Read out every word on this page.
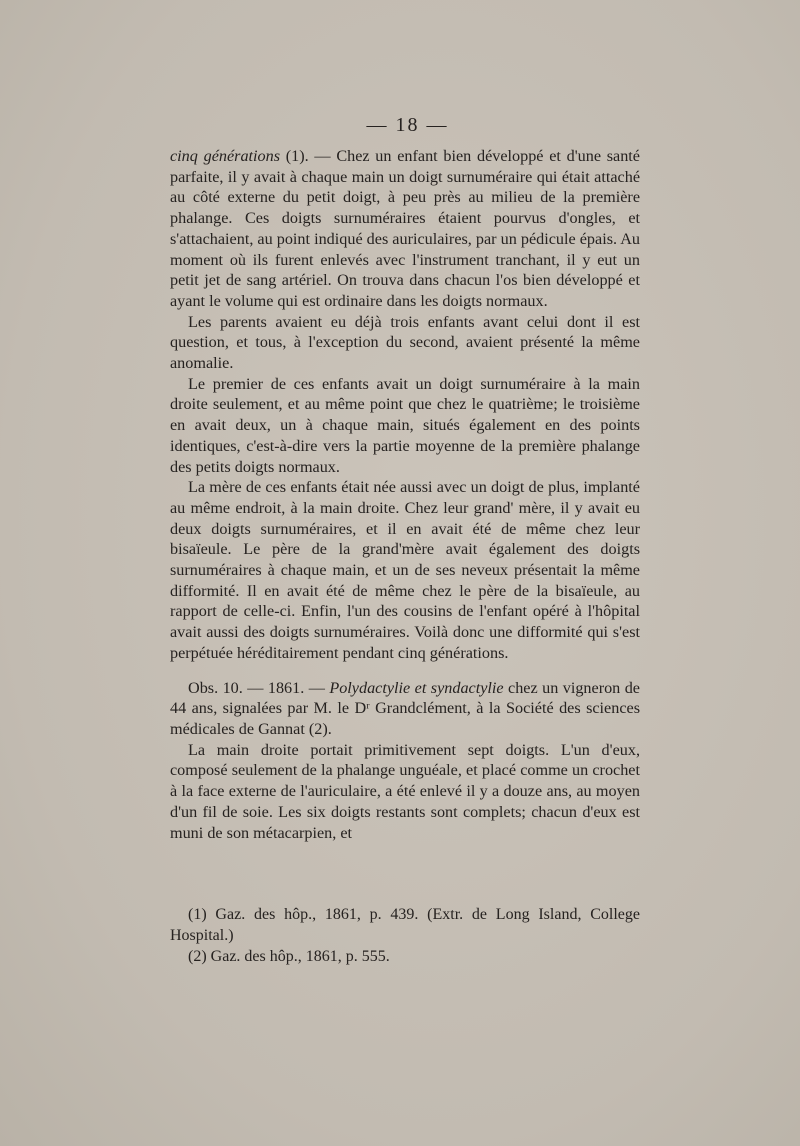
— 18 —

cinq générations (1). — Chez un enfant bien développé et d'une santé parfaite, il y avait à chaque main un doigt surnuméraire qui était attaché au côté externe du petit doigt, à peu près au milieu de la première phalange. Ces doigts surnuméraires étaient pourvus d'ongles, et s'attachaient, au point indiqué des auriculaires, par un pédicule épais. Au moment où ils furent enlevés avec l'instrument tranchant, il y eut un petit jet de sang artériel. On trouva dans chacun l'os bien développé et ayant le volume qui est ordinaire dans les doigts normaux.

Les parents avaient eu déjà trois enfants avant celui dont il est question, et tous, à l'exception du second, avaient présenté la même anomalie.

Le premier de ces enfants avait un doigt surnuméraire à la main droite seulement, et au même point que chez le quatrième; le troisième en avait deux, un à chaque main, situés également en des points identiques, c'est-à-dire vers la partie moyenne de la première phalange des petits doigts normaux.

La mère de ces enfants était née aussi avec un doigt de plus, implanté au même endroit, à la main droite. Chez leur grand' mère, il y avait eu deux doigts surnuméraires, et il en avait été de même chez leur bisaïeule. Le père de la grand'mère avait également des doigts surnuméraires à chaque main, et un de ses neveux présentait la même difformité. Il en avait été de même chez le père de la bisaïeule, au rapport de celle-ci. Enfin, l'un des cousins de l'enfant opéré à l'hôpital avait aussi des doigts surnuméraires. Voilà donc une difformité qui s'est perpétuée héréditairement pendant cinq générations.

Obs. 10. — 1861. — Polydactylie et syndactylie chez un vigneron de 44 ans, signalées par M. le Dʳ Grandclément, à la Société des sciences médicales de Gannat (2).

La main droite portait primitivement sept doigts. L'un d'eux, composé seulement de la phalange unguéale, et placé comme un crochet à la face externe de l'auriculaire, a été enlevé il y a douze ans, au moyen d'un fil de soie. Les six doigts restants sont complets; chacun d'eux est muni de son métacarpien, et

(1) Gaz. des hôp., 1861, p. 439. (Extr. de Long Island, College Hospital.)

(2) Gaz. des hôp., 1861, p. 555.
